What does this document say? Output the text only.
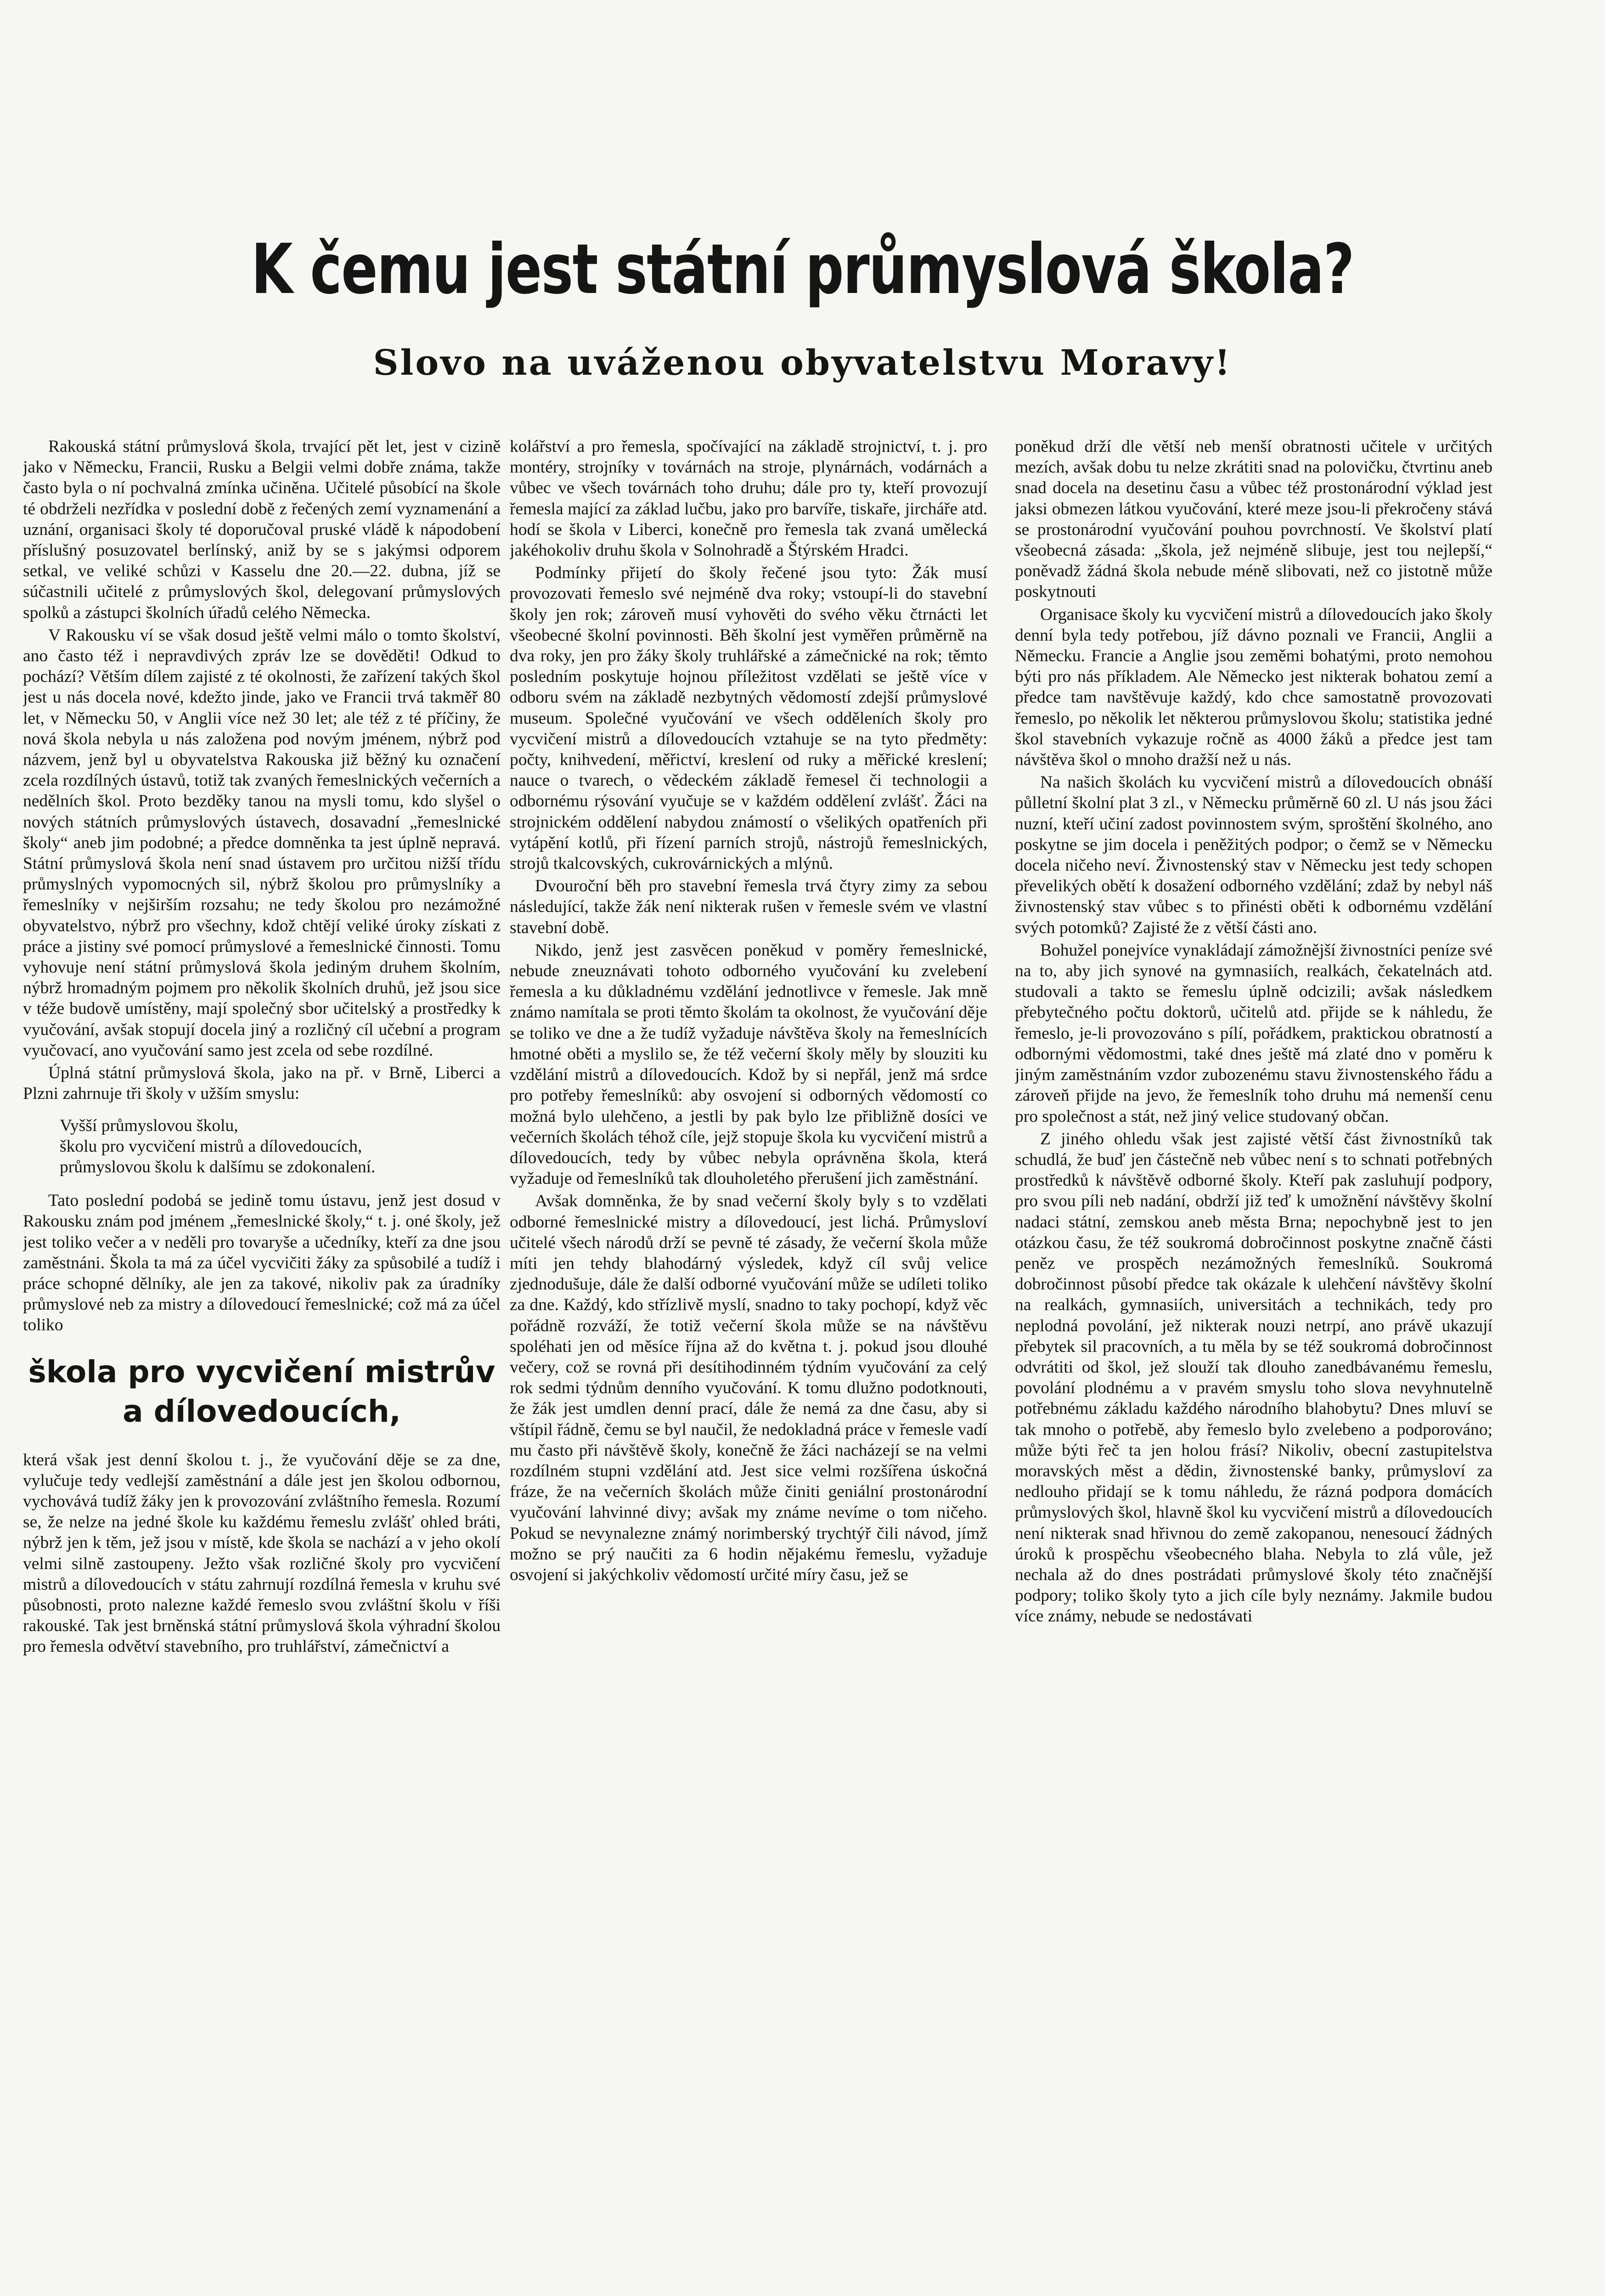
K čemu jest státní průmyslová škola?
Slovo na uváženou obyvatelstvu Moravy!

Rakouská státní průmyslová škola, trvající pět let, jest v cizině jako v Německu, Francii, Rusku a Belgii velmi dobře známa, takže často byla o ní pochvalná zmínka učiněna. Učitelé působící na škole té obdrželi nezřídka v poslední době z řečených zemí vyznamenání a uznání, organisaci školy té doporučoval pruské vládě k nápodobení příslušný posuzovatel berlínský, aniž by se s jakýmsi odporem setkal, ve veliké schůzi v Kasselu dne 20.—22. dubna, jíž se súčastnili učitelé z průmyslových škol, delegovaní průmyslových spolků a zástupci školních úřadů celého Německa.

V Rakousku ví se však dosud ještě velmi málo o tomto školství, ano často též i nepravdivých zpráv lze se dověděti! Odkud to pochází? Větším dílem zajisté z té okolnosti, že zařízení takých škol jest u nás docela nové, kdežto jinde, jako ve Francii trvá takměř 80 let, v Německu 50, v Anglii více než 30 let; ale též z té příčiny, že nová škola nebyla u nás založena pod novým jménem, nýbrž pod názvem, jenž byl u obyvatelstva Rakouska již běžný ku označení zcela rozdílných ústavů, totiž tak zvaných řemeslnických večerních a nedělních škol. Proto bezděky tanou na mysli tomu, kdo slyšel o nových státních průmyslových ústavech, dosavadní „řemeslnické školy“ aneb jim podobné; a předce domněnka ta jest úplně nepravá. Státní průmyslová škola není snad ústavem pro určitou nižší třídu průmyslných vypomocných sil, nýbrž školou pro průmyslníky a řemeslníky v nejširším rozsahu; ne tedy školou pro nezámožné obyvatelstvo, nýbrž pro všechny, kdož chtějí veliké úroky získati z práce a jistiny své pomocí průmyslové a řemeslnické činnosti. Tomu vyhovuje není státní průmyslová škola jediným druhem školním, nýbrž hromadným pojmem pro několik školních druhů, jež jsou sice v téže budově umístěny, mají společný sbor učitelský a prostředky k vyučování, avšak stopují docela jiný a rozličný cíl učební a program vyučovací, ano vyučování samo jest zcela od sebe rozdílné.

Úplná státní průmyslová škola, jako na př. v Brně, Liberci a Plzni zahrnuje tři školy v užším smyslu:

Vyšší průmyslovou školu,

školu pro vycvičení mistrů a dílovedoucích,

průmyslovou školu k dalšímu se zdokonalení.

Tato poslední podobá se jedině tomu ústavu, jenž jest dosud v Rakousku znám pod jménem „řemeslnické školy,“ t. j. oné školy, jež jest toliko večer a v neděli pro tovaryše a učedníky, kteří za dne jsou zaměstnáni. Škola ta má za účel vycvičiti žáky za spůsobilé a tudíž i práce schopné dělníky, ale jen za takové, nikoliv pak za úradníky průmyslové neb za mistry a dílovedoucí řemeslnické; což má za účel toliko

škola pro vycvičení mistrův a dílovedoucích,

která však jest denní školou t. j., že vyučování děje se za dne, vylučuje tedy vedlejší zaměstnání a dále jest jen školou odbornou, vychovává tudíž žáky jen k provozování zvláštního řemesla. Rozumí se, že nelze na jedné škole ku každému řemeslu zvlášť ohled bráti, nýbrž jen k těm, jež jsou v místě, kde škola se nachází a v jeho okolí velmi silně zastoupeny. Ježto však rozličné školy pro vycvičení mistrů a dílovedoucích v státu zahrnují rozdílná řemesla v kruhu své působnosti, proto nalezne každé řemeslo svou zvláštní školu v říši rakouské. Tak jest brněnská státní průmyslová škola výhradní školou pro řemesla odvětví stavebního, pro truhlářství, zámečnictví a

kolářství a pro řemesla, spočívající na základě strojnictví, t. j. pro montéry, strojníky v továrnách na stroje, plynárnách, vodárnách a vůbec ve všech továrnách toho druhu; dále pro ty, kteří provozují řemesla mající za základ lučbu, jako pro barvíře, tiskaře, jircháře atd. hodí se škola v Liberci, konečně pro řemesla tak zvaná umělecká jakéhokoliv druhu škola v Solnohradě a Štýrském Hradci.

Podmínky přijetí do školy řečené jsou tyto: Žák musí provozovati řemeslo své nejméně dva roky; vstoupí-li do stavební školy jen rok; zároveň musí vyhověti do svého věku čtrnácti let všeobecné školní povinnosti. Běh školní jest vyměřen průměrně na dva roky, jen pro žáky školy truhlářské a zámečnické na rok; těmto posledním poskytuje hojnou příležitost vzdělati se ještě více v odboru svém na základě nezbytných vědomostí zdejší průmyslové museum. Společné vyučování ve všech odděleních školy pro vycvičení mistrů a dílovedoucích vztahuje se na tyto předměty: počty, knihvedení, měřictví, kreslení od ruky a měřické kreslení; nauce o tvarech, o vědeckém základě řemesel či technologii a odbornému rýsování vyučuje se v každém oddělení zvlášť. Žáci na strojnickém oddělení nabydou známostí o všelikých opatřeních při vytápění kotlů, při řízení parních strojů, nástrojů řemeslnických, strojů tkalcovských, cukrovárnických a mlýnů.

Dvouroční běh pro stavební řemesla trvá čtyry zimy za sebou následující, takže žák není nikterak rušen v řemesle svém ve vlastní stavební době.

Nikdo, jenž jest zasvěcen poněkud v poměry řemeslnické, nebude zneuznávati tohoto odborného vyučování ku zvelebení řemesla a ku důkladnému vzdělání jednotlivce v řemesle. Jak mně známo namítala se proti těmto školám ta okolnost, že vyučování děje se toliko ve dne a že tudíž vyžaduje návštěva školy na řemeslnících hmotné oběti a myslilo se, že též večerní školy měly by slouziti ku vzdělání mistrů a dílovedoucích. Kdož by si nepřál, jenž má srdce pro potřeby řemeslníků: aby osvojení si odborných vědomostí co možná bylo ulehčeno, a jestli by pak bylo lze přibližně dosíci ve večerních školách téhož cíle, jejž stopuje škola ku vycvičení mistrů a dílovedoucích, tedy by vůbec nebyla oprávněna škola, která vyžaduje od řemeslníků tak dlouholetého přerušení jich zaměstnání.

Avšak domněnka, že by snad večerní školy byly s to vzdělati odborné řemeslnické mistry a dílovedoucí, jest lichá. Průmysloví učitelé všech národů drží se pevně té zásady, že večerní škola může míti jen tehdy blahodárný výsledek, když cíl svůj velice zjednodušuje, dále že další odborné vyučování může se udíleti toliko za dne. Každý, kdo střízlivě myslí, snadno to taky pochopí, když věc pořádně rozváží, že totiž večerní škola může se na návštěvu spoléhati jen od měsíce října až do května t. j. pokud jsou dlouhé večery, což se rovná při desítihodinném týdním vyučování za celý rok sedmi týdnům denního vyučování. K tomu dlužno podotknouti, že žák jest umdlen denní prací, dále že nemá za dne času, aby si vštípil řádně, čemu se byl naučil, že nedokladná práce v řemesle vadí mu často při návštěvě školy, konečně že žáci nacházejí se na velmi rozdílném stupni vzdělání atd. Jest sice velmi rozšířena úskočná fráze, že na večerních školách může činiti geniální prostonárodní vyučování lahvinné divy; avšak my známe nevíme o tom ničeho. Pokud se nevynalezne známý norimberský trychtýř čili návod, jímž možno se prý naučiti za 6 hodin nějakému řemeslu, vyžaduje osvojení si jakýchkoliv vědomostí určité míry času, jež se

poněkud drží dle větší neb menší obratnosti učitele v určitých mezích, avšak dobu tu nelze zkrátiti snad na polovičku, čtvrtinu aneb snad docela na desetinu času a vůbec též prostonárodní výklad jest jaksi obmezen látkou vyučování, které meze jsou-li překročeny stává se prostonárodní vyučování pouhou povrchností. Ve školství platí všeobecná zásada: „škola, jež nejméně slibuje, jest tou nejlepší,“ poněvadž žádná škola nebude méně slibovati, než co jistotně může poskytnouti

Organisace školy ku vycvičení mistrů a dílovedoucích jako školy denní byla tedy potřebou, jíž dávno poznali ve Francii, Anglii a Německu. Francie a Anglie jsou zeměmi bohatými, proto nemohou býti pro nás příkladem. Ale Německo jest nikterak bohatou zemí a předce tam navštěvuje každý, kdo chce samostatně provozovati řemeslo, po několik let některou průmyslovou školu; statistika jedné škol stavebních vykazuje ročně as 4000 žáků a předce jest tam návštěva škol o mnoho dražší než u nás.

Na našich školách ku vycvičení mistrů a dílovedoucích obnáší půlletní školní plat 3 zl., v Německu průměrně 60 zl. U nás jsou žáci nuzní, kteří učiní zadost povinnostem svým, sproštění školného, ano poskytne se jim docela i peněžitých podpor; o čemž se v Německu docela ničeho neví. Živnostenský stav v Německu jest tedy schopen převelikých obětí k dosažení odborného vzdělání; zdaž by nebyl náš živnostenský stav vůbec s to přinésti oběti k odbornému vzdělání svých potomků? Zajisté že z větší části ano.

Bohužel ponejvíce vynakládají zámožnější živnostníci peníze své na to, aby jich synové na gymnasiích, realkách, čekatelnách atd. studovali a takto se řemeslu úplně odcizili; avšak následkem přebytečného počtu doktorů, učitelů atd. přijde se k náhledu, že řemeslo, je-li provozováno s pílí, pořádkem, praktickou obratností a odbornými vědomostmi, také dnes ještě má zlaté dno v poměru k jiným zaměstnáním vzdor zubozenému stavu živnostenského řádu a zároveň přijde na jevo, že řemeslník toho druhu má nemenší cenu pro společnost a stát, než jiný velice studovaný občan.

Z jiného ohledu však jest zajisté větší část živnostníků tak schudlá, že buď jen částečně neb vůbec není s to schnati potřebných prostředků k návštěvě odborné školy. Kteří pak zasluhují podpory, pro svou píli neb nadání, obdrží již teď k umožnění návštěvy školní nadaci státní, zemskou aneb města Brna; nepochybně jest to jen otázkou času, že též soukromá dobročinnost poskytne značně části peněz ve prospěch nezámožných řemeslníků. Soukromá dobročinnost působí předce tak okázale k ulehčení návštěvy školní na realkách, gymnasiích, universitách a technikách, tedy pro neplodná povolání, jež nikterak nouzi netrpí, ano právě ukazují přebytek sil pracovních, a tu měla by se též soukromá dobročinnost odvrátiti od škol, jež slouží tak dlouho zanedbávanému řemeslu, povolání plodnému a v pravém smyslu toho slova nevyhnutelně potřebnému základu každého národního blahobytu? Dnes mluví se tak mnoho o potřebě, aby řemeslo bylo zvelebeno a podporováno; může býti řeč ta jen holou frásí? Nikoliv, obecní zastupitelstva moravských měst a dědin, živnostenské banky, průmysloví za nedlouho přidají se k tomu náhledu, že rázná podpora domácích průmyslových škol, hlavně škol ku vycvičení mistrů a dílovedoucích není nikterak snad hřivnou do země zakopanou, nenesoucí žádných úroků k prospěchu všeobecného blaha. Nebyla to zlá vůle, jež nechala až do dnes postrádati průmyslové školy této značnější podpory; toliko školy tyto a jich cíle byly neznámy. Jakmile budou více známy, nebude se nedostávati
